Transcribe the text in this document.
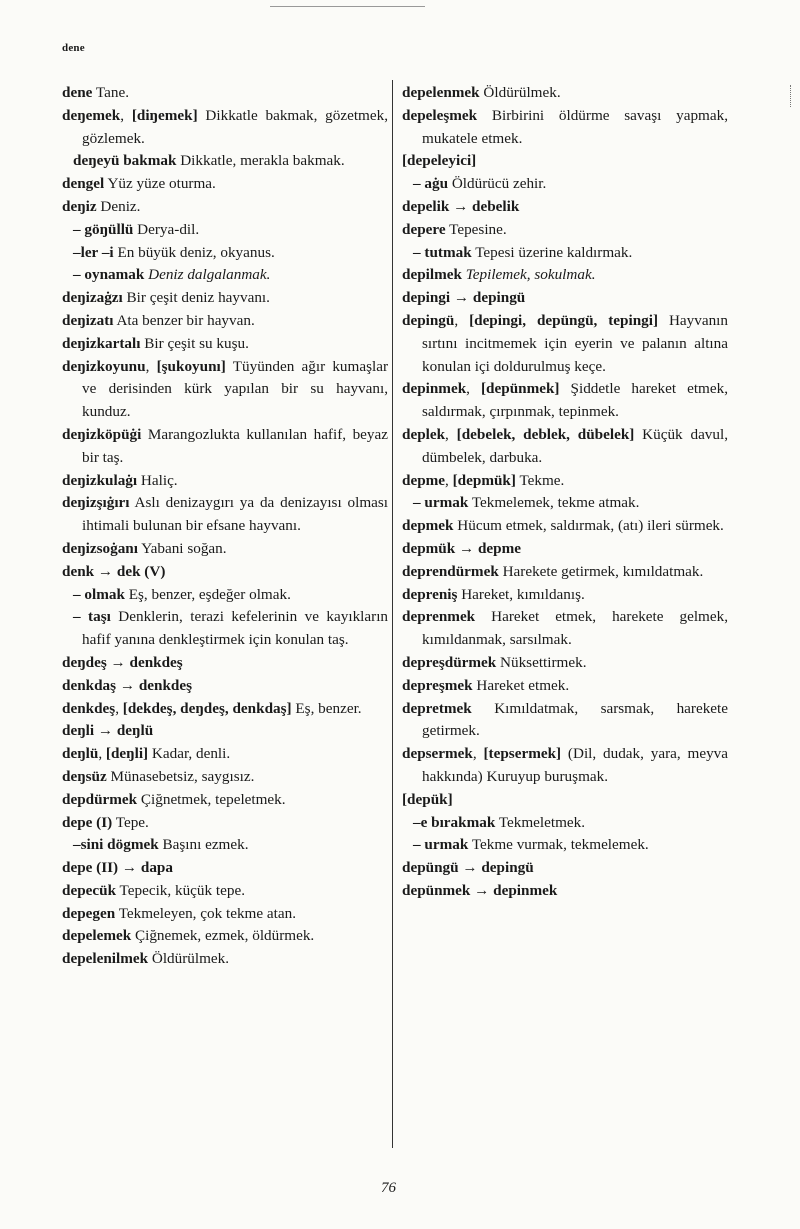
dene

dene Tane.

deŋemek, [diŋemek] Dikkatle bakmak, gözetmek, gözlemek.

deŋeyü bakmak Dikkatle, merakla bakmak.

dengel Yüz yüze oturma.

deŋiz Deniz.

– göŋüllü Derya-dil.

–ler –i En büyük deniz, okyanus.

– oynamak Deniz dalgalanmak.

deŋizaġzı Bir çeşit deniz hayvanı.

deŋizatı Ata benzer bir hayvan.

deŋizkartalı Bir çeşit su kuşu.

deŋizkoyunu, [şukoyunı] Tüyünden ağır kumaşlar ve derisinden kürk yapılan bir su hayvanı, kunduz.

deŋizköpüġi Marangozlukta kullanılan hafif, beyaz bir taş.

deŋizkulaġı Haliç.

deŋizşıġırı Aslı denizaygırı ya da denizayısı olması ihtimali bulunan bir efsane hayvanı.

deŋizsoġanı Yabani soğan.

denk → dek (V)

– olmak Eş, benzer, eşdeğer olmak.

– taşı Denklerin, terazi kefelerinin ve kayıkların hafif yanına denkleştirmek için konulan taş.

deŋdeş → denkdeş

denkdaş → denkdeş

denkdeş, [dekdeş, deŋdeş, denkdaş] Eş, benzer.

deŋli → deŋlü

deŋlü, [deŋli] Kadar, denli.

deŋsüz Münasebetsiz, saygısız.

depdürmek Çiğnetmek, tepeletmek.

depe (I) Tepe.

–sini dögmek Başını ezmek.

depe (II) → dapa

depecük Tepecik, küçük tepe.

depegen Tekmeleyen, çok tekme atan.

depelemek Çiğnemek, ezmek, öldürmek.

depelenilmek Öldürülmek.

depelenmek Öldürülmek.

depeleşmek Birbirini öldürme savaşı yapmak, mukatele etmek.

[depeleyici]

– aġu Öldürücü zehir.

depelik → debelik

depere Tepesine.

– tutmak Tepesi üzerine kaldırmak.

depilmek Tepilemek, sokulmak.

depingi → depingü

depingü, [depingi, depüngü, tepingi] Hayvanın sırtını incitmemek için eyerin ve palanın altına konulan içi doldurulmuş keçe.

depinmek, [depünmek] Şiddetle hareket etmek, saldırmak, çırpınmak, tepinmek.

deplek, [debelek, deblek, dübelek] Küçük davul, dümbelek, darbuka.

depme, [depmük] Tekme.

– urmak Tekmelemek, tekme atmak.

depmek Hücum etmek, saldırmak, (atı) ileri sürmek.

depmük → depme

deprendürmek Harekete getirmek, kımıldatmak.

depreniş Hareket, kımıldanış.

deprenmek Hareket etmek, harekete gelmek, kımıldanmak, sarsılmak.

depreşdürmek Nüksettirmek.

depreşmek Hareket etmek.

depretmek Kımıldatmak, sarsmak, harekete getirmek.

depsermek, [tepsermek] (Dil, dudak, yara, meyva hakkında) Kuruyup buruşmak.

[depük]

–e bırakmak Tekmeletmek.

– urmak Tekme vurmak, tekmelemek.

depüngü → depingü

depünmek → depinmek

76
